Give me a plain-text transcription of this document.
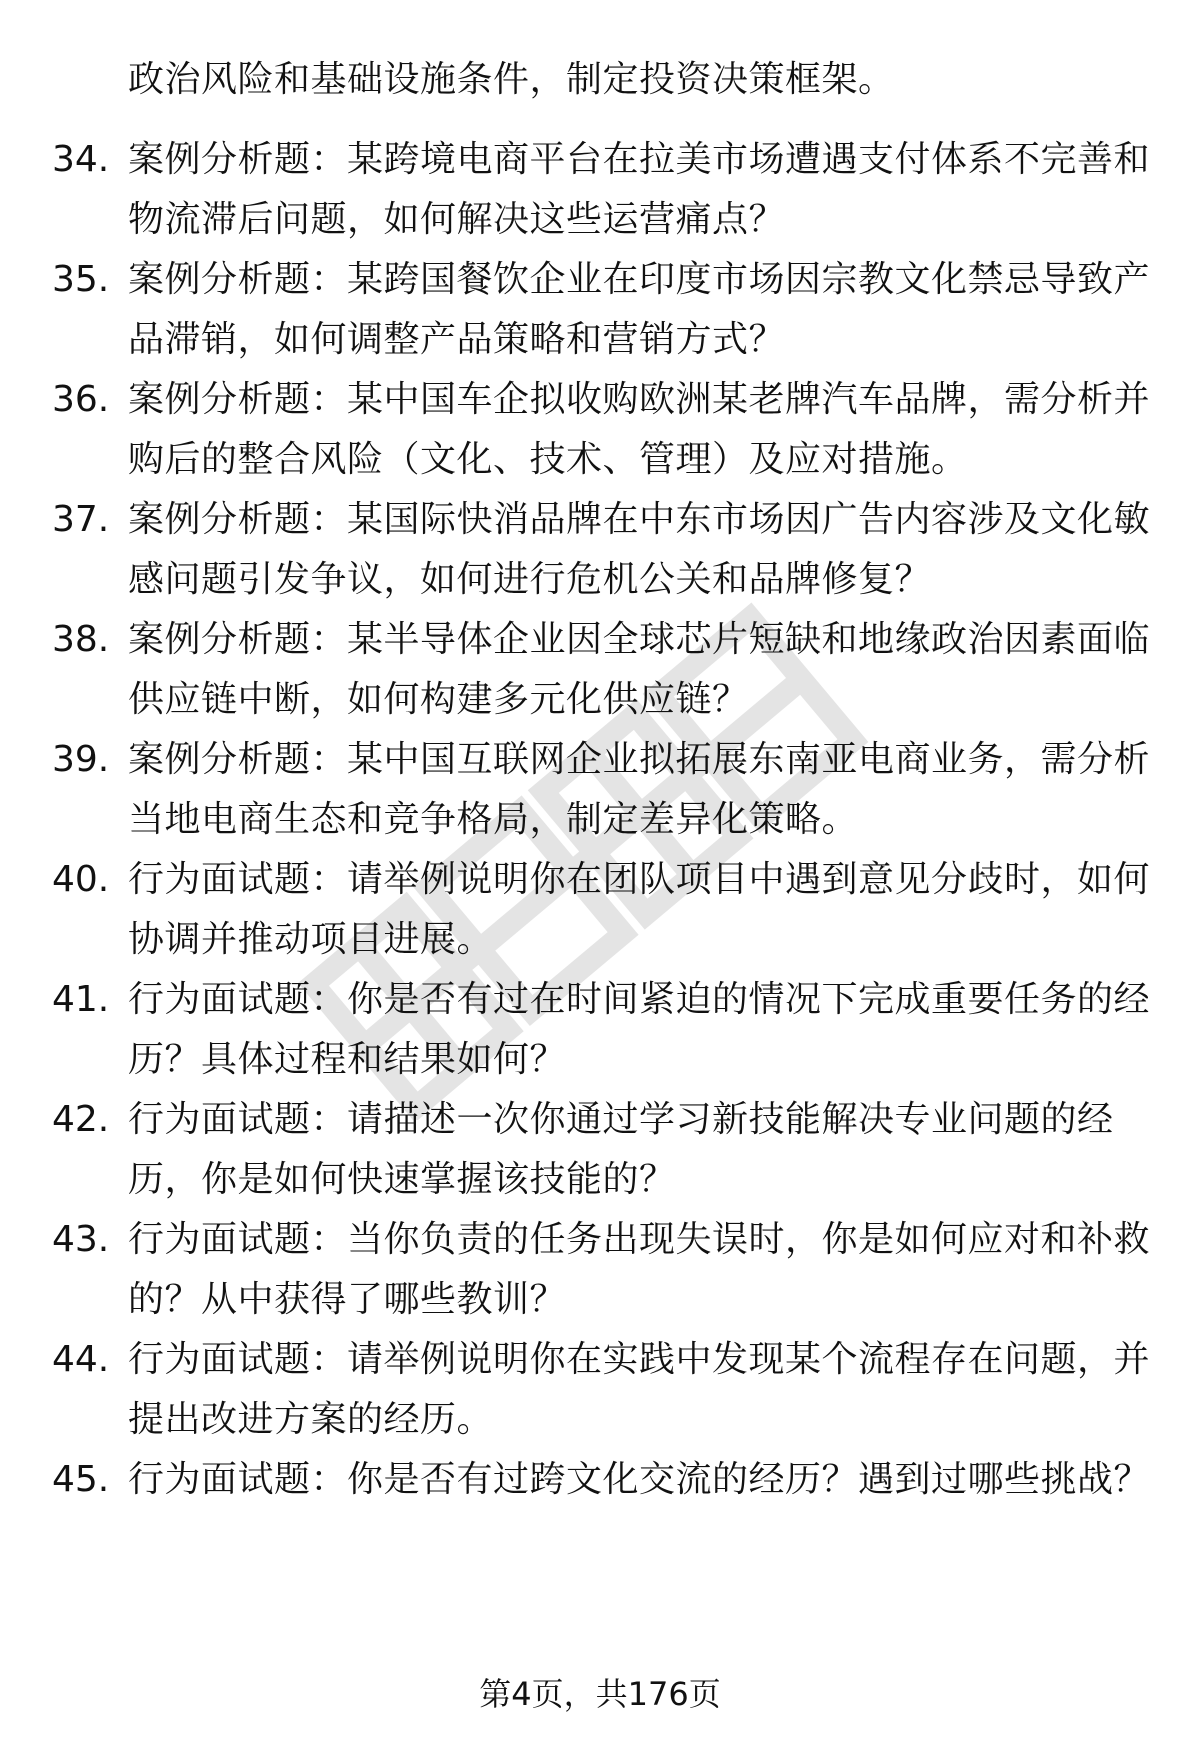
政治风险和基础设施条件，制定投资决策框架。
34. 案例分析题：某跨境电商平台在拉美市场遭遇支付体系不完善和
物流滞后问题，如何解决这些运营痛点？
35. 案例分析题：某跨国餐饮企业在印度市场因宗教文化禁忌导致产
品滞销，如何调整产品策略和营销方式？
36. 案例分析题：某中国车企拟收购欧洲某老牌汽车品牌，需分析并
购后的整合风险（文化、技术、管理）及应对措施。
37. 案例分析题：某国际快消品牌在中东市场因广告内容涉及文化敏
感问题引发争议，如何进行危机公关和品牌修复？
38. 案例分析题：某半导体企业因全球芯片短缺和地缘政治因素面临
供应链中断，如何构建多元化供应链？
39. 案例分析题：某中国互联网企业拟拓展东南亚电商业务，需分析
当地电商生态和竞争格局，制定差异化策略。
40. 行为面试题：请举例说明你在团队项目中遇到意见分歧时，如何
协调并推动项目进展。
41. 行为面试题：你是否有过在时间紧迫的情况下完成重要任务的经
历？具体过程和结果如何？
42. 行为面试题：请描述一次你通过学习新技能解决专业问题的经
历，你是如何快速掌握该技能的？
43. 行为面试题：当你负责的任务出现失误时，你是如何应对和补救
的？从中获得了哪些教训？
44. 行为面试题：请举例说明你在实践中发现某个流程存在问题，并
提出改进方案的经历。
45. 行为面试题：你是否有过跨文化交流的经历？遇到过哪些挑战？
第4页，共176页
